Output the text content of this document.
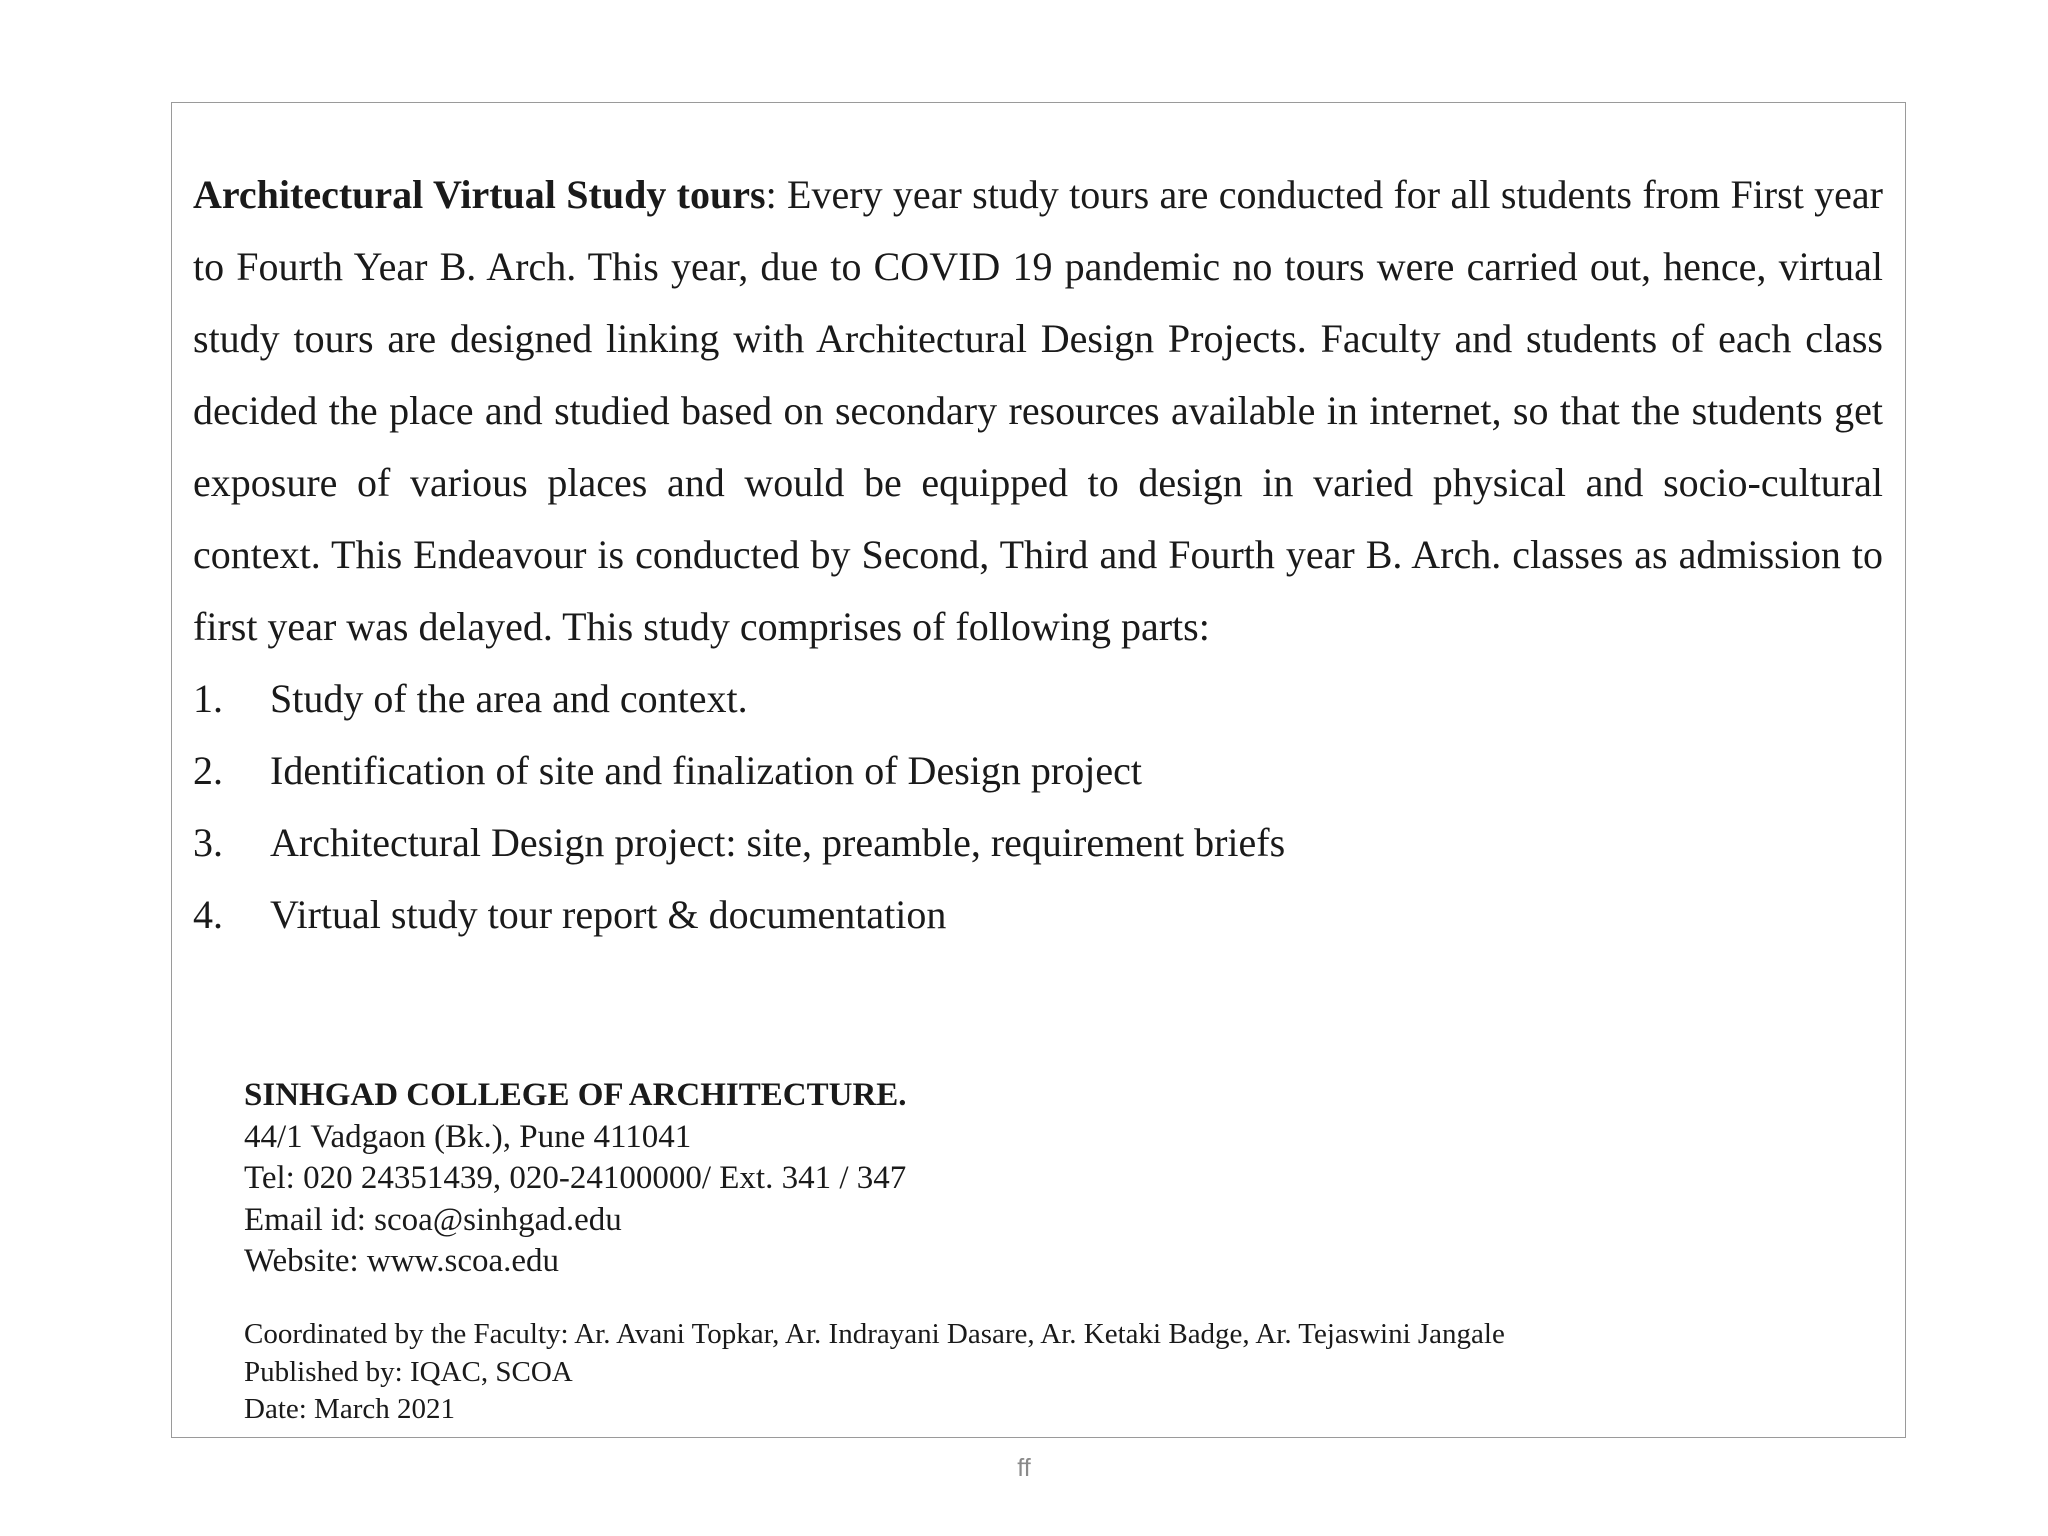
Architectural Virtual Study tours: Every year study tours are conducted for all students from First year to Fourth Year B. Arch. This year, due to COVID 19 pandemic no tours were carried out, hence, virtual study tours are designed linking with Architectural Design Projects. Faculty and students of each class decided the place and studied based on secondary resources available in internet, so that the students get exposure of various places and would be equipped to design in varied physical and socio-cultural context. This Endeavour is conducted by Second, Third and Fourth year B. Arch. classes as admission to first year was delayed. This study comprises of following parts:

1.	Study of the area and context.
2.	Identification of site and finalization of Design project
3.	Architectural Design project: site, preamble, requirement briefs
4.	Virtual study tour report & documentation
SINHGAD COLLEGE OF ARCHITECTURE.
44/1 Vadgaon (Bk.), Pune 411041
Tel: 020 24351439, 020-24100000/ Ext. 341 / 347
Email id: scoa@sinhgad.edu
Website: www.scoa.edu
Coordinated by the Faculty: Ar. Avani Topkar, Ar. Indrayani Dasare, Ar. Ketaki Badge, Ar. Tejaswini Jangale
Published by: IQAC, SCOA
Date: March 2021
ff
